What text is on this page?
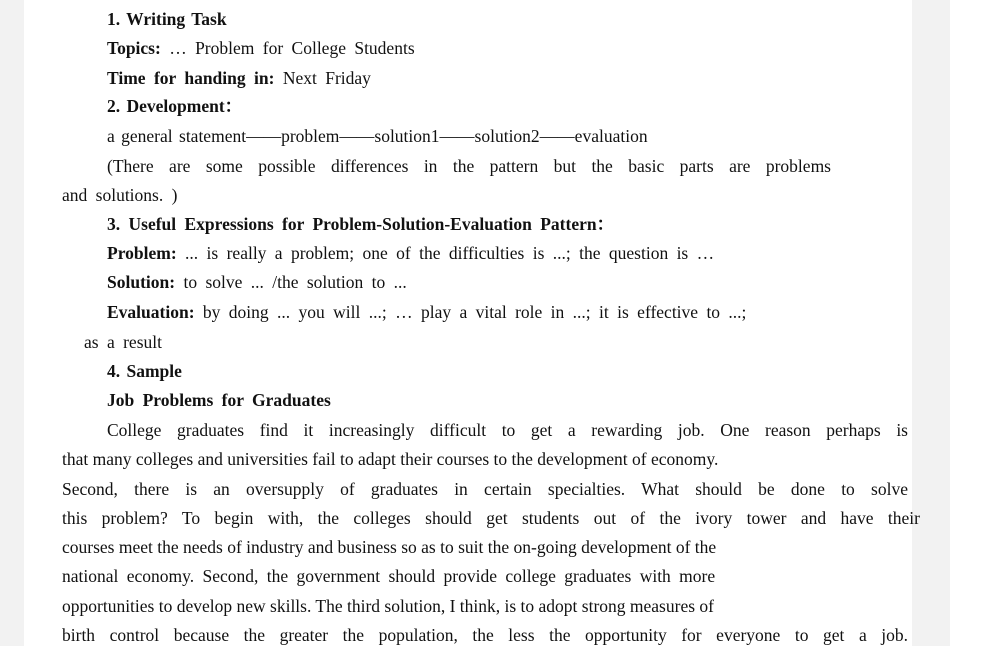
1. Writing Task
Topics: … Problem for College Students
Time for handing in: Next Friday
2. Development：
a general statement——problem——solution1——solution2——evaluation
(There are some possible differences in the pattern but the basic parts are problems
and solutions. )
3. Useful Expressions for Problem-Solution-Evaluation Pattern：
Problem: ... is really a problem; one of the difficulties is ...; the question is …
Solution: to solve ... /the solution to ...
Evaluation: by doing ... you will ...; … play a vital role in ...; it is effective to ...;
as a result
4. Sample
Job Problems for Graduates
College graduates find it increasingly difficult to get a rewarding job. One reason perhaps is
that many colleges and universities fail to adapt their courses to the development of economy.
Second, there is an oversupply of graduates in certain specialties. What should be done to solve
this problem? To begin with, the colleges should get students out of the ivory tower and have their
courses meet the needs of industry and business so as to suit the on-going development of the
national economy. Second, the government should provide college graduates with more
opportunities to develop new skills. The third solution, I think, is to adopt strong measures of
birth control because the greater the population, the less the opportunity for everyone to get a job.
